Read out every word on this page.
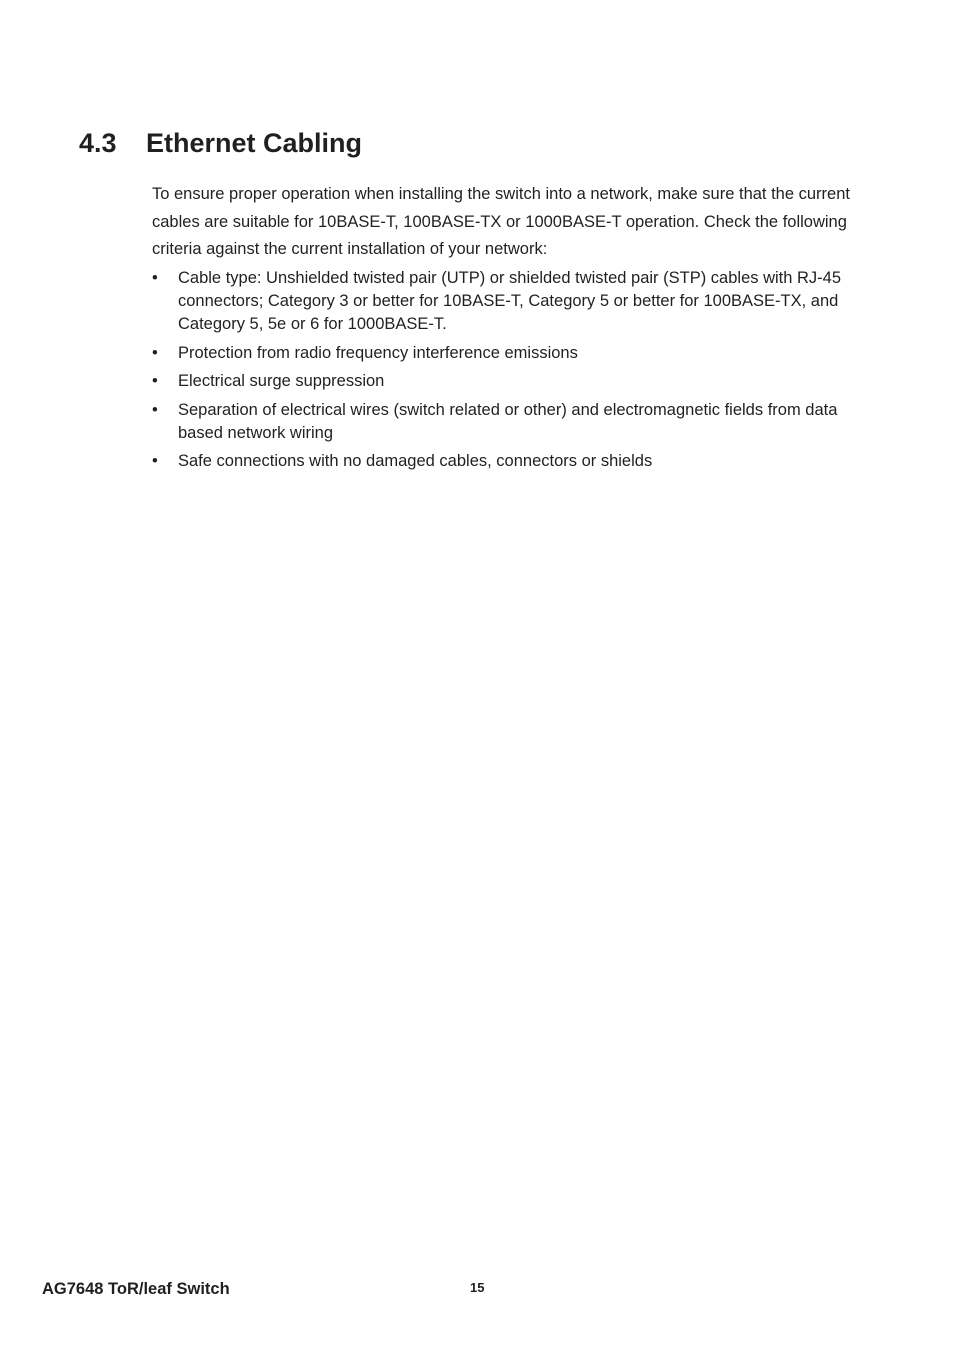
4.3 Ethernet Cabling

To ensure proper operation when installing the switch into a network, make sure that the current cables are suitable for 10BASE-T, 100BASE-TX or 1000BASE-T operation. Check the following criteria against the current installation of your network:

• Cable type: Unshielded twisted pair (UTP) or shielded twisted pair (STP) cables with RJ-45 connectors; Category 3 or better for 10BASE-T, Category 5 or better for 100BASE-TX, and Category 5, 5e or 6 for 1000BASE-T.
• Protection from radio frequency interference emissions
• Electrical surge suppression
• Separation of electrical wires (switch related or other) and electromagnetic fields from data based network wiring
• Safe connections with no damaged cables, connectors or shields
AG7648 ToR/leaf Switch	15
